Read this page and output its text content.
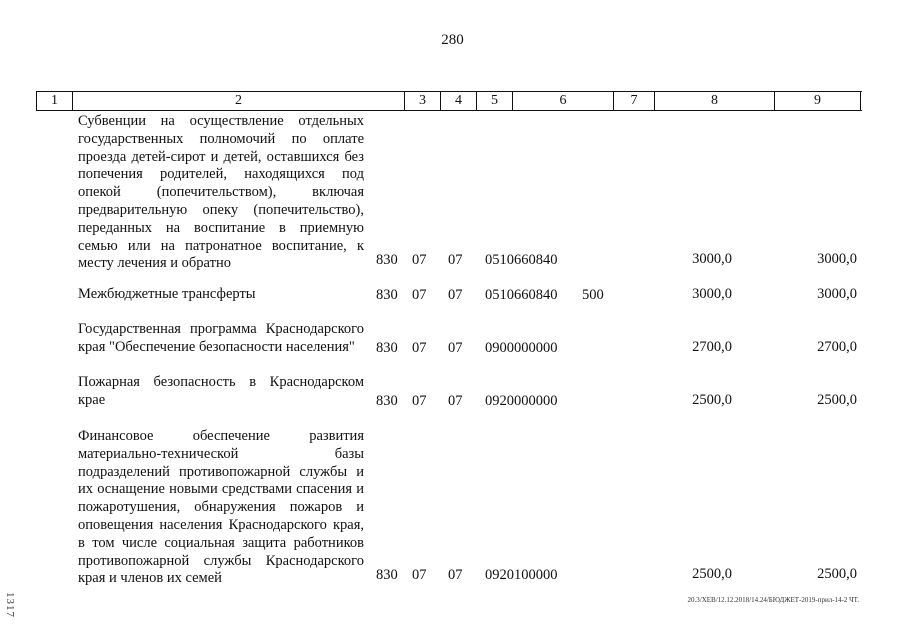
280
1	2	3	4	5	6	7	8	9
Субвенции на осуществление отдельных государственных полномочий по оплате проезда детей-сирот и детей, оставшихся без попечения родителей, находящихся под опекой (попечительством), включая предварительную опеку (попечительство), переданных на воспитание в приемную семью или на патронатное воспитание, к месту лечения и обратно	830 07 07 0510660840	3000,0	3000,0
Межбюджетные трансферты	830 07 07 0510660840 500	3000,0	3000,0
Государственная программа Краснодарского края "Обеспечение безопасности населения"	830 07 07 0900000000	2700,0	2700,0
Пожарная безопасность в Краснодарском крае	830 07 07 0920000000	2500,0	2500,0
Финансовое обеспечение развития материально-технической базы подразделений противопожарной службы и их оснащение новыми средствами спасения и пожаротушения, обнаружения пожаров и оповещения населения Краснодарского края, в том числе социальная защита работников противопожарной службы Краснодарского края и членов их семей	830 07 07 0920100000	2500,0	2500,0
1317	20.3/XEB/12.12.2018/14.24/БЮДЖЕТ-2019-прил-14-2 ЧТ.
